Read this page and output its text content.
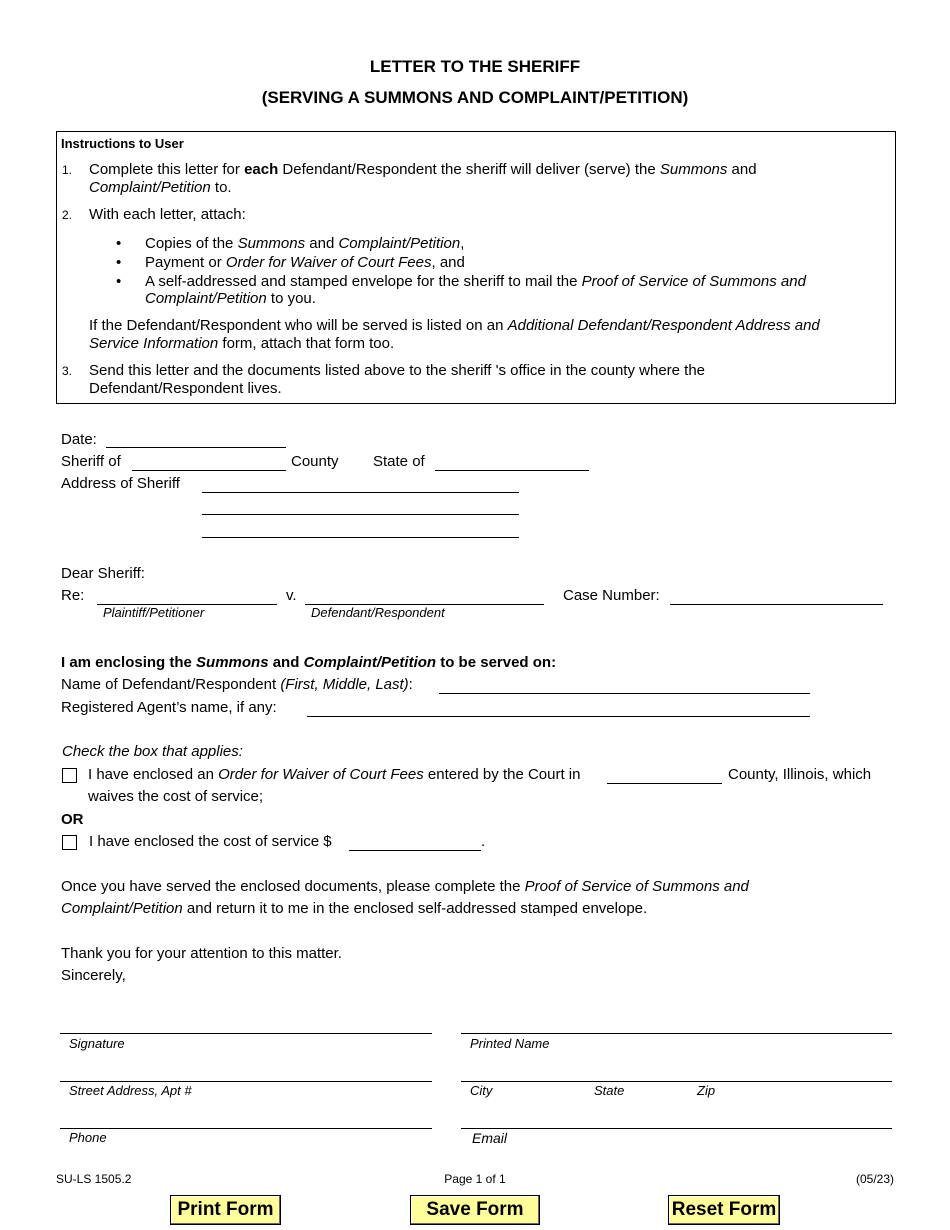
LETTER TO THE SHERIFF
(SERVING A SUMMONS AND COMPLAINT/PETITION)
Instructions to User
1. Complete this letter for each Defendant/Respondent the sheriff will deliver (serve) the Summons and
Complaint/Petition to.
2. With each letter, attach:
• Copies of the Summons and Complaint/Petition,
• Payment or Order for Waiver of Court Fees, and
• A self-addressed and stamped envelope for the sheriff to mail the Proof of Service of Summons and
Complaint/Petition to you.
If the Defendant/Respondent who will be served is listed on an Additional Defendant/Respondent Address and
Service Information form, attach that form too.
3. Send this letter and the documents listed above to the sheriff 's office in the county where the
Defendant/Respondent lives.
Date:
Sheriff of	County State of
Address of Sheriff
Dear Sheriff:
Re:	v.	Case Number:
Plaintiff/Petitioner	Defendant/Respondent
I am enclosing the Summons and Complaint/Petition to be served on:
Name of Defendant/Respondent (First, Middle, Last):
Registered Agent’s name, if any:
Check the box that applies:
I have enclosed an Order for Waiver of Court Fees entered by the Court in	County, Illinois, which
waives the cost of service;
OR
I have enclosed the cost of service $	.
Once you have served the enclosed documents, please complete the Proof of Service of Summons and
Complaint/Petition and return it to me in the enclosed self-addressed stamped envelope.
Thank you for your attention to this matter.
Sincerely,
Signature	Printed Name
Street Address, Apt #	City	State	Zip
Phone	Email
SU-LS 1505.2	Page 1 of 1	(05/23)
Print Form	Save Form	Reset Form
